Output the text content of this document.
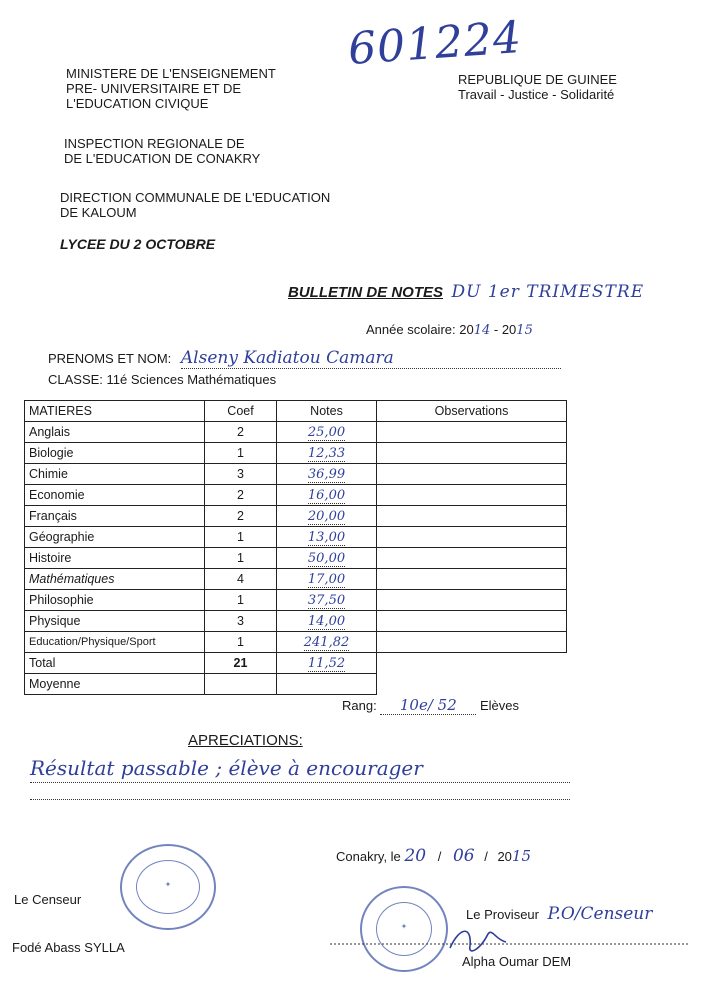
601224
MINISTERE DE L'ENSEIGNEMENT
PRE- UNIVERSITAIRE ET DE
L'EDUCATION CIVIQUE
INSPECTION REGIONALE DE
DE L'EDUCATION DE CONAKRY
DIRECTION COMMUNALE DE L'EDUCATION
DE KALOUM
LYCEE DU 2 OCTOBRE
REPUBLIQUE DE GUINEE
Travail - Justice - Solidarité
BULLETIN DE NOTES DU 1er TRIMESTRE
Année scolaire: 2014 - 2015
PRENOMS ET NOM: Alseny Kadiatou Camara
CLASSE: 11é Sciences Mathématiques
MATIERES	Coef	Notes	Observations
Anglais	2	25,00	
Biologie	1	12,33	
Chimie	3	36,99	
Economie	2	16,00	
Français	2	20,00	
Géographie	1	13,00	
Histoire	1	50,00	
Mathématiques	4	17,00	
Philosophie	1	37,50	
Physique	3	14,00	
Education/Physique/Sport	1	241,82	
Total	21	11,52	
Moyenne			
Rang: 10e/ 52 Elèves
APRECIATIONS:
Résultat passable ; élève à encourager
Conakry, le 20 / 06 / 2015
✦
✦
Le Censeur
Fodé Abass SYLLA
Le Proviseur P.O/Censeur
Alpha Oumar DEM
